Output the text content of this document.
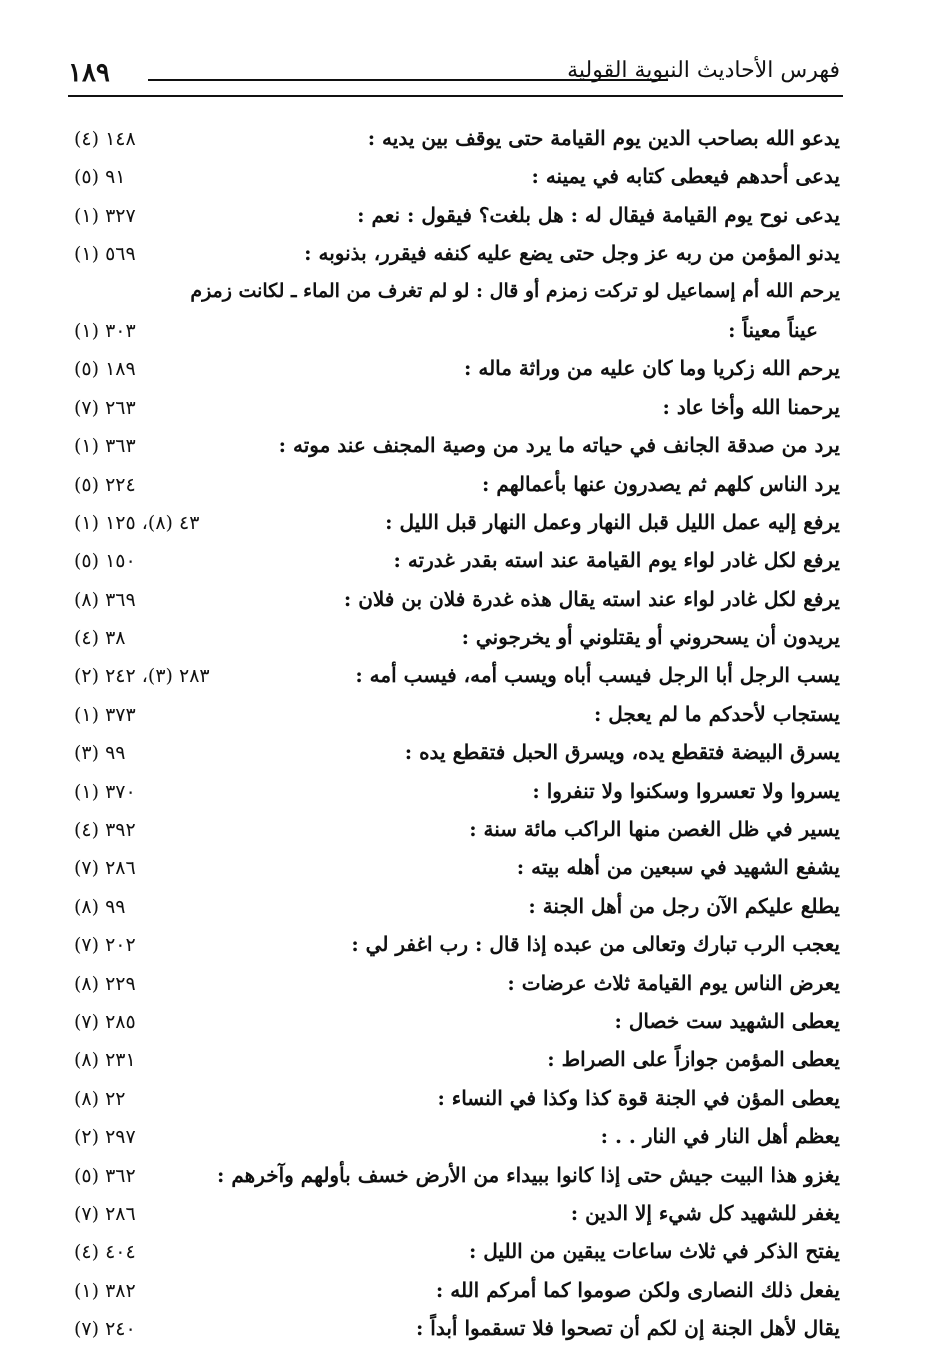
١٨٩	فهرس الأحاديث النبوية القولية
يدعو الله بصاحب الدين يوم القيامة حتى يوقف بين يديه :
١٤٨ (٤)
يدعى أحدهم فيعطى كتابه في يمينه :
٩١ (٥)
يدعى نوح يوم القيامة فيقال له : هل بلغت؟ فيقول : نعم :
٣٢٧ (١)
يدنو المؤمن من ربه عز وجل حتى يضع عليه كنفه فيقرر، بذنوبه :
٥٦٩ (١)
يرحم الله أم إسماعيل لو تركت زمزم أو قال : لو لم تغرف من الماء ـ لكانت زمزم
عيناً معيناً :
٣٠٣ (١)
يرحم الله زكريا وما كان عليه من وراثة ماله :
١٨٩ (٥)
يرحمنا الله وأخا عاد :
٢٦٣ (٧)
يرد من صدقة الجانف في حياته ما يرد من وصية المجنف عند موته :
٣٦٣ (١)
يرد الناس كلهم ثم يصدرون عنها بأعمالهم :
٢٢٤ (٥)
يرفع إليه عمل الليل قبل النهار وعمل النهار قبل الليل :
٤٣ (٨)، ١٢٥ (١)
يرفع لكل غادر لواء يوم القيامة عند استه بقدر غدرته :
١٥٠ (٥)
يرفع لكل غادر لواء عند استه يقال هذه غدرة فلان بن فلان :
٣٦٩ (٨)
يريدون أن يسحروني أو يقتلوني أو يخرجوني :
٣٨ (٤)
يسب الرجل أبا الرجل فيسب أباه ويسب أمه، فيسب أمه :
٢٨٣ (٣)، ٢٤٢ (٢)
يستجاب لأحدكم ما لم يعجل :
٣٧٣ (١)
يسرق البيضة فتقطع يده، ويسرق الحبل فتقطع يده :
٩٩ (٣)
يسروا ولا تعسروا وسكنوا ولا تنفروا :
٣٧٠ (١)
يسير في ظل الغصن منها الراكب مائة سنة :
٣٩٢ (٤)
يشفع الشهيد في سبعين من أهله بيته :
٢٨٦ (٧)
يطلع عليكم الآن رجل من أهل الجنة :
٩٩ (٨)
يعجب الرب تبارك وتعالى من عبده إذا قال : رب اغفر لي :
٢٠٢ (٧)
يعرض الناس يوم القيامة ثلاث عرضات :
٢٢٩ (٨)
يعطى الشهيد ست خصال :
٢٨٥ (٧)
يعطى المؤمن جوازاً على الصراط :
٢٣١ (٨)
يعطى المؤن في الجنة قوة كذا وكذا في النساء :
٢٢ (٨)
يعظم أهل النار في النار . . :
٢٩٧ (٢)
يغزو هذا البيت جيش حتى إذا كانوا ببيداء من الأرض خسف بأولهم وآخرهم :
٣٦٢ (٥)
يغفر للشهيد كل شيء إلا الدين :
٢٨٦ (٧)
يفتح الذكر في ثلاث ساعات يبقين من الليل :
٤٠٤ (٤)
يفعل ذلك النصارى ولكن صوموا كما أمركم الله :
٣٨٢ (١)
يقال لأهل الجنة إن لكم أن تصحوا فلا تسقموا أبداً :
٢٤٠ (٧)
